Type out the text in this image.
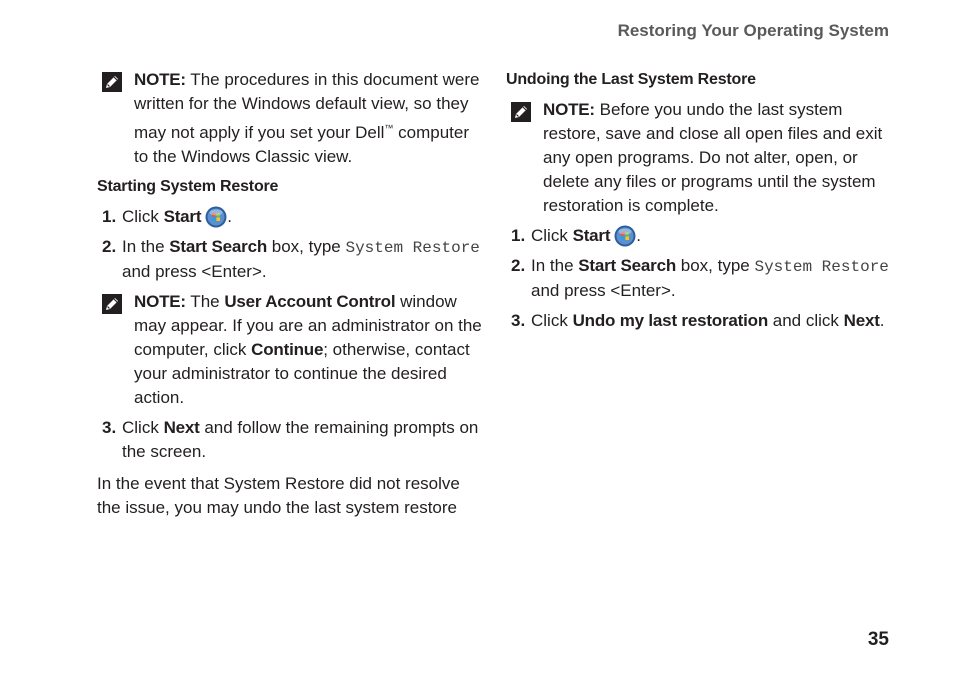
Restoring Your Operating System
NOTE: The procedures in this document were written for the Windows default view, so they may not apply if you set your Dell™ computer to the Windows Classic view.
Starting System Restore
1. Click Start .
2. In the Start Search box, type System Restore and press <Enter>.
NOTE: The User Account Control window may appear. If you are an administrator on the computer, click Continue; otherwise, contact your administrator to continue the desired action.
3. Click Next and follow the remaining prompts on the screen.

In the event that System Restore did not resolve the issue, you may undo the last system restore

Undoing the Last System Restore
NOTE: Before you undo the last system restore, save and close all open files and exit any open programs. Do not alter, open, or delete any files or programs until the system restoration is complete.
1. Click Start .
2. In the Start Search box, type System Restore and press <Enter>.
3. Click Undo my last restoration and click Next.
35
